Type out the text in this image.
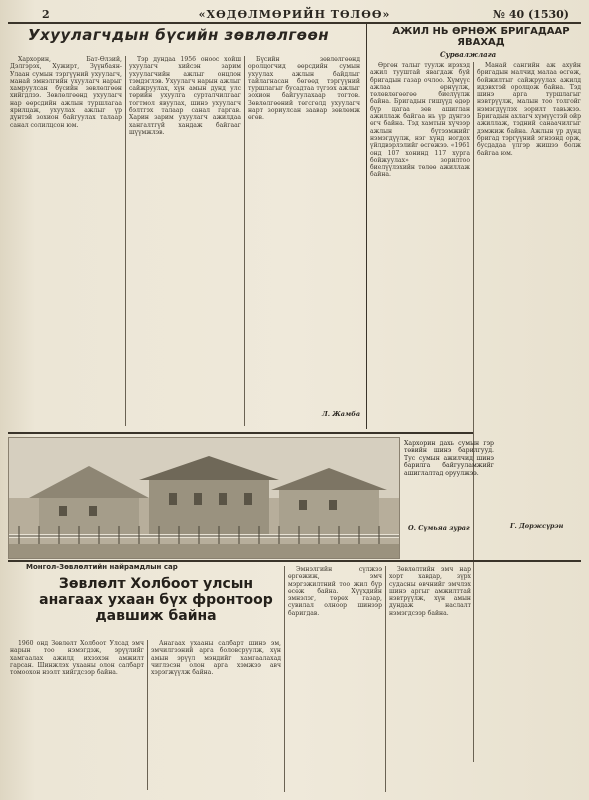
2	«ХӨДӨЛМӨРИЙН ТӨЛӨӨ»	№ 40 (1530)
Ухуулагчдын бүсийн зөвлөлгөөн

Хархорин, Бат-Өлзий, Дэлгэрэх, Хужирт, Зүүнбаян-Улаан сумын тэргүүний ухуулагч, манай эмнэлгийн ухуулагч нарыг хамруулсан бүсийн зөвлөлгөөн хийгдлээ. Зөвлөлгөөнд ухуулагч нар өөрсдийн ажлын туршлагаа ярилцаж, ухуулах ажлыг үр дүнтэй зохион байгуулах талаар санал солилцсон юм.

Тэр дундаа 1956 оноос хойш ухуулагч хийсэн зарим ухуулагчийн ажлыг онцлон тэмдэглэв. Ухуулагч нарын ажлыг сайжруулах, хүн амын дунд улс төрийн ухуулга сурталчилгааг тогтмол явуулах, шинэ ухуулагч бэлтгэх талаар санал гаргав. Харин зарим ухуулагч ажилдаа хангалтгүй хандаж байгааг шүүмжлэв.

Бүсийн зөвлөлгөөнд оролцогчид өөрсдийн сумын ухуулах ажлын байдлыг тайлагнасан бөгөөд тэргүүний туршлагыг бусадтаа түгээх ажлыг зохион байгуулахаар тогтов. Зөвлөлгөөний төгсгөлд ухуулагч нарт зориулсан заавар зөвлөмж өгөв.

Л. Жамба
АЖИЛ НЬ ӨРНӨЖ БРИГАДААР ЯВАХАД
Сурвалжлага

Өргөн талыг туулж ирэхэд ажил тууштай явагдаж буй бригадын газар очлоо. Хүмүүс ажлаа өрнүүлж, төлөвлөгөөгөө биелүүлж байна. Бригадын гишүүд өдөр бүр цагаа зөв ашиглан ажиллаж байгаа нь үр дүнгээ өгч байна. Тэд хамтын хүчээр ажлын бүтээмжийг нэмэгдүүлж, нэг хүнд ногдох үйлдвэрлэлийг өсгөжээ. «1961 онд 107 хонинд 117 хурга бойжуулах» зорилтоо биелүүлэхийн төлөө ажиллаж байна.

Манай сангийн аж ахуйн бригадын малчид малаа өсгөж, бойжилтыг сайжруулах ажилд идэвхтэй оролцож байна. Тэд шинэ арга туршлагыг нэвтрүүлж, малын тоо толгойг нэмэгдүүлэх зорилт тавьжээ. Бригадын ахлагч хүмүүстэй ойр ажиллаж, тэдний санаачилгыг дэмжиж байна. Ажлын үр дүнд бригад тэргүүний эгнээнд орж, бусдадаа үлгэр жишээ болж байгаа юм.

Г. Доржсүрэн
Хархорин дахь сумын гэр төвийн шинэ барилгууд. Тус сумын ажилчид шинэ барилга байгууламжийг ашиглалтад оруулжээ.
О. Сүмьяа зураг
Монгол-Зөвлөлтийн найрамдлын сар
Зөвлөлт Холбоот улсын анагаах ухаан бүх фронтоор давшиж байна

1960 онд Зөвлөлт Холбоот Улсад эмч нарын тоо нэмэгдэж, эрүүлийг хамгаалах ажилд ихээхэн амжилт гарсан. Шинжлэх ухааны олон салбарт томоохон нээлт хийгдсээр байна.

Анагаах ухааны салбарт шинэ эм, эмчилгээний арга боловсруулж, хүн амын эрүүл мэндийг хамгаалахад чиглэсэн олон арга хэмжээ авч хэрэгжүүлж байна.

Эмнэлгийн сүлжээ өргөжиж, эмч мэргэжилтний тоо жил бүр өсөж байна. Хүүхдийн эмнэлэг, төрөх газар, сувилал олноор шинээр баригдав.

Зөвлөлтийн эмч нар хорт хавдар, зүрх судасны өвчнийг эмчлэх шинэ аргыг амжилттай нэвтрүүлж, хүн амын дундаж наслалт нэмэгдсээр байна.
